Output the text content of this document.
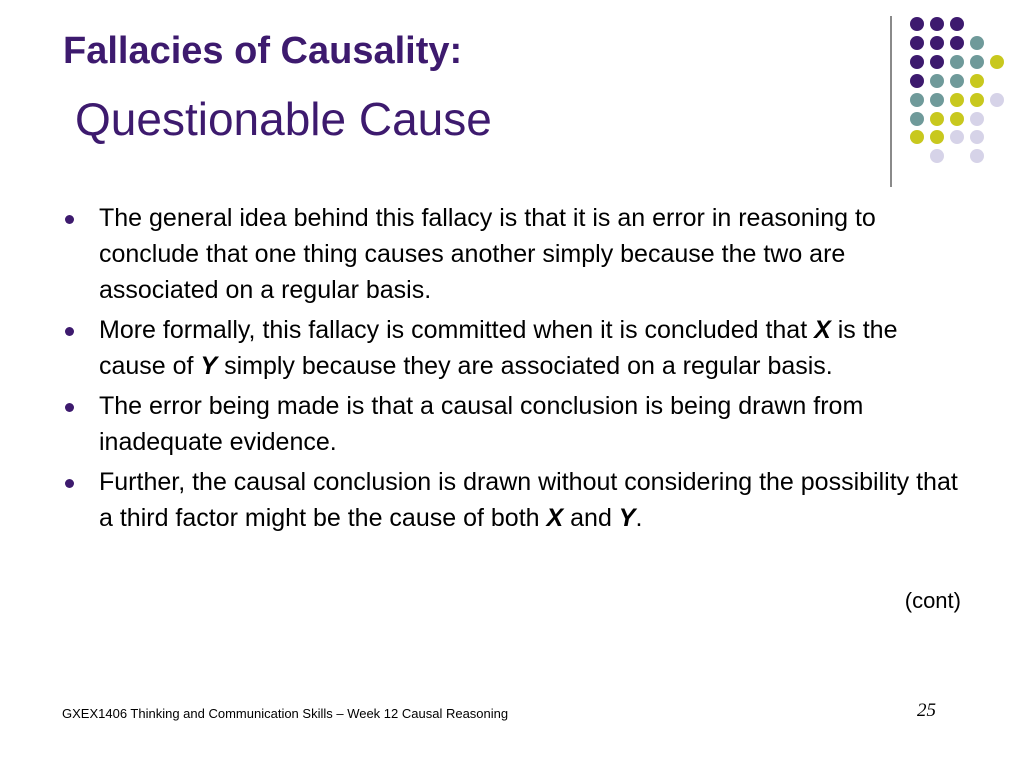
Fallacies of Causality:
Questionable Cause
The general idea behind this fallacy is that it is an error in reasoning to conclude that one thing causes another simply because the two are associated on a regular basis.
More formally, this fallacy is committed when it is concluded that X is the cause of Y simply because they are associated on a regular basis.
The error being made is that a causal conclusion is being drawn from inadequate evidence.
Further, the causal conclusion is drawn without considering the possibility that a third factor might be the cause of both X and Y.
(cont)
GXEX1406 Thinking and Communication Skills – Week 12 Causal Reasoning	25
